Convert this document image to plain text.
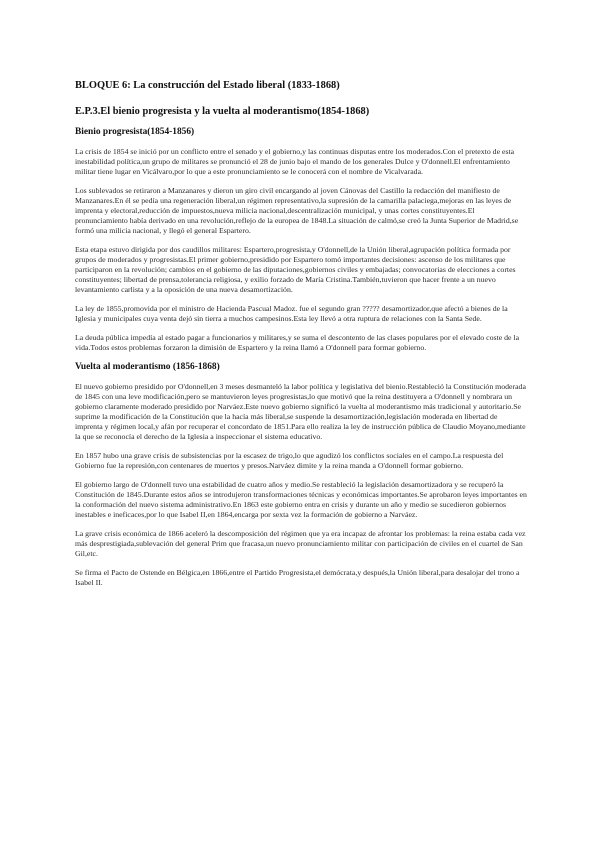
BLOQUE 6: La construcción del Estado liberal (1833-1868)
E.P.3.El bienio progresista y la vuelta al moderantismo(1854-1868)
Bienio progresista(1854-1856)

La crisis de 1854 se inició por un conflicto entre el senado y el gobierno,y las continuas disputas entre los moderados.Con el pretexto de esta inestabilidad política,un grupo de militares se pronunció el 28 de junio bajo el mando de los generales Dulce y O'donnell.El enfrentamiento militar tiene lugar en Vicálvaro,por lo que a este pronunciamiento se le conocerá con el nombre de Vicalvarada.

Los sublevados se retiraron a Manzanares y dieron un giro civil encargando al joven Cánovas del Castillo la redacción del manifiesto de Manzanares.En él se pedía una regeneración liberal,un régimen representativo,la supresión de la camarilla palaciega,mejoras en las leyes de imprenta y electoral,reducción de impuestos,nueva milicia nacional,descentralización municipal, y unas cortes constituyentes.El pronunciamiento había derivado en una revolución,reflejo de la europea de 1848.La situación de calmó,se creó la Junta Superior de Madrid,se formó una milicia nacional, y llegó el general Espartero.

Esta etapa estuvo dirigida por dos caudillos militares: Espartero,progresista,y O'donnell,de la Unión liberal,agrupación política formada por grupos de moderados y progresistas.El primer gobierno,presidido por Espartero tomó importantes decisiones: ascenso de los militares que participaron en la revolución; cambios en el gobierno de las diputaciones,gobiernos civiles y embajadas; convocatorias de elecciones a cortes constituyentes; libertad de prensa,tolerancia religiosa, y exilio forzado de María Cristina.También,tuvieron que hacer frente a un nuevo levantamiento carlista y a la oposición de una nueva desamortización.

La ley de 1855,promovida por el ministro de Hacienda Pascual Madoz. fue el segundo gran ????? desamortizador,que afectó a bienes de la Iglesia y municipales cuya venta dejó sin tierra a muchos campesinos.Esta ley llevó a otra ruptura de relaciones con la Santa Sede.

La deuda pública impedía al estado pagar a funcionarios y militares,y se suma el descontento de las clases populares por el elevado coste de la vida.Todos estos problemas forzaron la dimisión de Espartero y la reina llamó a O'donnell para formar gobierno.

Vuelta al moderantismo (1856-1868)

El nuevo gobierno presidido por O'donnell,en 3 meses desmanteló la labor política y legislativa del bienio.Restableció la Constitución moderada de 1845 con una leve modificación,pero se mantuvieron leyes progresistas,lo que motivó que la reina destituyera a O'donnell y nombrara un gobierno claramente moderado presidido por Narváez.Este nuevo gobierno significó la vuelta al moderantismo más tradicional y autoritario.Se suprime la modificación de la Constitución que la hacía más liberal,se suspende la desamortización,legislación moderada en libertad de imprenta y régimen local,y afán por recuperar el concordato de 1851.Para ello realiza la ley de instrucción pública de Claudio Moyano,mediante la que se reconocía el derecho de la Iglesia a inspeccionar el sistema educativo.

En 1857 hubo una grave crisis de subsistencias por la escasez de trigo,lo que agudizó los conflictos sociales en el campo.La respuesta del Gobierno fue la represión,con centenares de muertos y presos.Narváez dimite y la reina manda a O'donnell formar gobierno.

El gobierno largo de O'donnell tuvo una estabilidad de cuatro años y medio.Se restableció la legislación desamortizadora y se recuperó la Constitución de 1845.Durante estos años se introdujeron transformaciones técnicas y económicas importantes.Se aprobaron leyes importantes en la conformación del nuevo sistema administrativo.En 1863 este gobierno entra en crisis y durante un año y medio se sucedieron gobiernos inestables e ineficaces,por lo que Isabel II,en 1864,encarga por sexta vez la formación de gobierno a Narváez.

La grave crisis económica de 1866 aceleró la descomposición del régimen que ya era incapaz de afrontar los problemas: la reina estaba cada vez más desprestigiada,sublevación del general Prim que fracasa,un nuevo pronunciamiento militar con participación de civiles en el cuartel de San Gil,etc.

Se firma el Pacto de Ostende en Bélgica,en 1866,entre el Partido Progresista,el demócrata,y después,la Unión liberal,para desalojar del trono a Isabel II.
